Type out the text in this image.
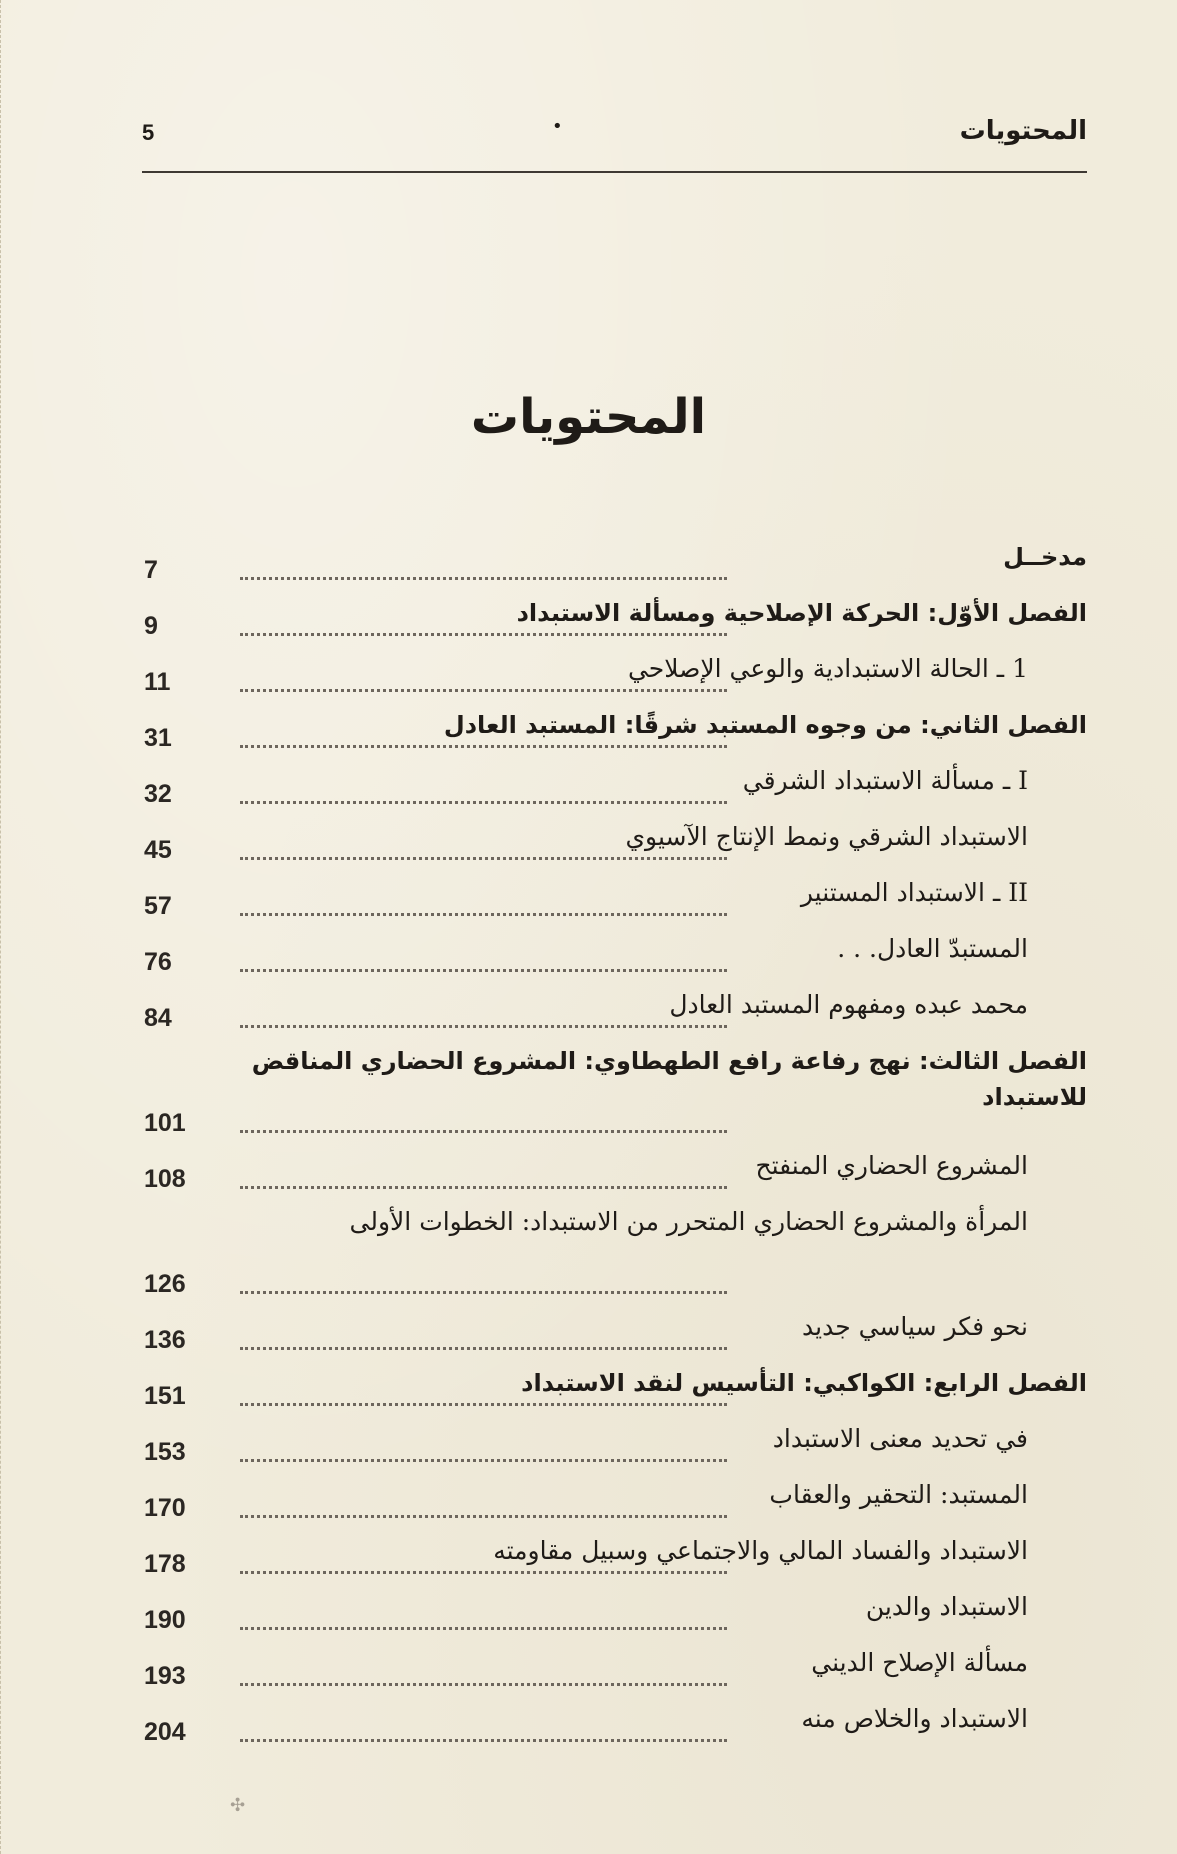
5	•	المحتويات
المحتويات
مدخــل
7
الفصل الأوّل: الحركة الإصلاحية ومسألة الاستبداد
9
1 ـ الحالة الاستبدادية والوعي الإصلاحي
11
الفصل الثاني: من وجوه المستبد شرقًا: المستبد العادل
31
I ـ مسألة الاستبداد الشرقي
32
الاستبداد الشرقي ونمط الإنتاج الآسيوي
45
II ـ الاستبداد المستنير
57
المستبدّ العادل. . .
76
محمد عبده ومفهوم المستبد العادل
84
الفصل الثالث: نهج رفاعة رافع الطهطاوي: المشروع الحضاري المناقض للاستبداد
101
المشروع الحضاري المنفتح
108
المرأة والمشروع الحضاري المتحرر من الاستبداد: الخطوات الأولى
126
نحو فكر سياسي جديد
136
الفصل الرابع: الكواكبي: التأسيس لنقد الاستبداد
151
في تحديد معنى الاستبداد
153
المستبد: التحقير والعقاب
170
الاستبداد والفساد المالي والاجتماعي وسبيل مقاومته
178
الاستبداد والدين
190
مسألة الإصلاح الديني
193
الاستبداد والخلاص منه
204
✣
